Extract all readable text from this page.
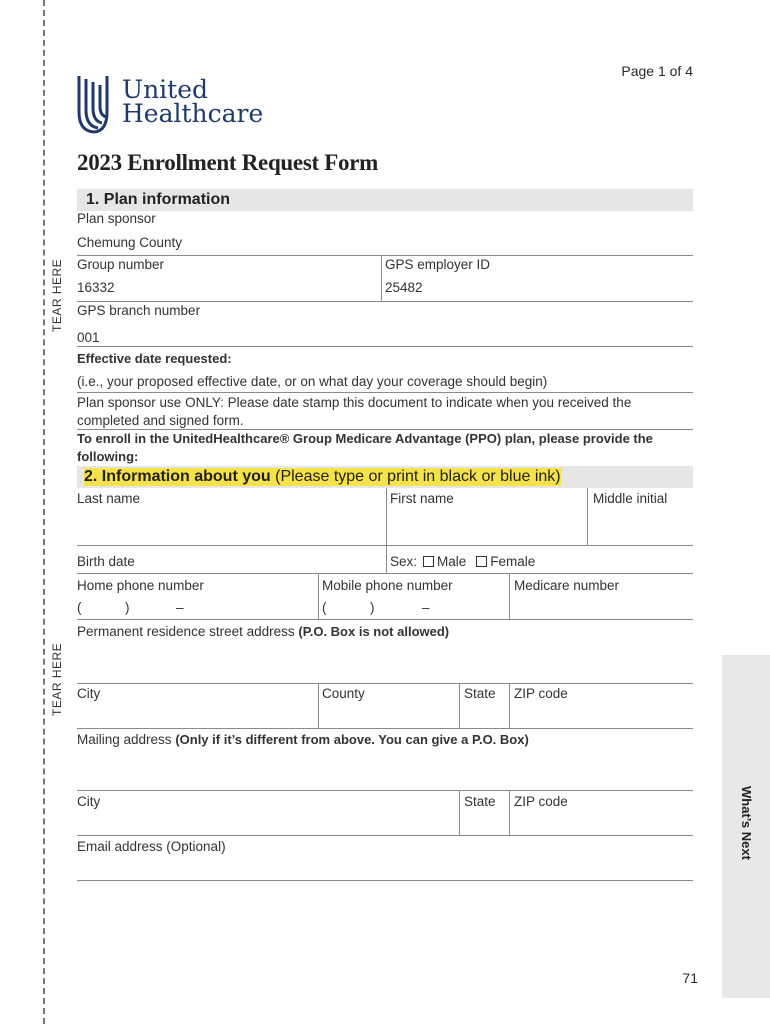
TEAR HERE
TEAR HERE
Page 1 of 4
United
Healthcare
2023 Enrollment Request Form
1. Plan information
Plan sponsor
Chemung County
Group number	GPS employer ID
16332	25482
GPS branch number
001
Effective date requested:
(i.e., your proposed effective date, or on what day your coverage should begin)
Plan sponsor use ONLY: Please date stamp this document to indicate when you received the
completed and signed form.
To enroll in the UnitedHealthcare® Group Medicare Advantage (PPO) plan, please provide the
following:
2. Information about you (Please type or print in black or blue ink)
Last name	First name	Middle initial
Birth date	Sex: Male Female
Home phone number	Mobile phone number	Medicare number
(	)	–	(	)	–
Permanent residence street address (P.O. Box is not allowed)
City	County	State ZIP code
Mailing address (Only if it’s different from above. You can give a P.O. Box)
City	State ZIP code
Email address (Optional)	What’s Next
71
